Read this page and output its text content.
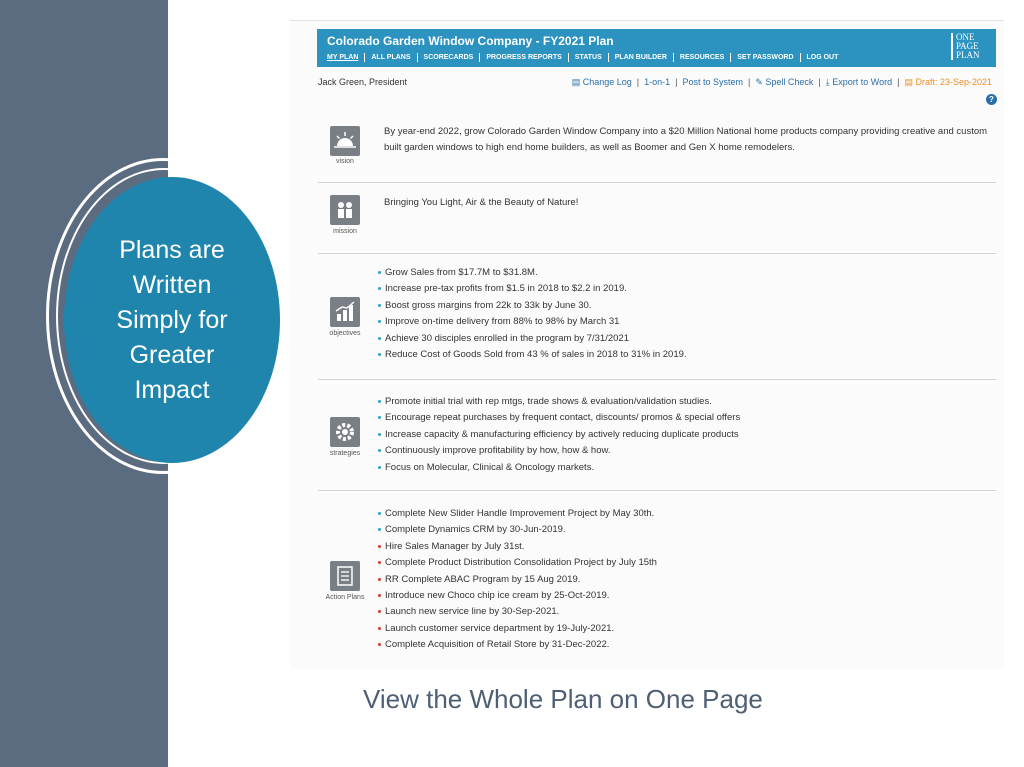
Plans are
Written
Simply for
Greater
Impact
Colorado Garden Window Company - FY2021 Plan
MY PLAN	ALL PLANS	SCORECARDS	PROGRESS REPORTS	STATUS	PLAN BUILDER	RESOURCES	SET PASSWORD	LOG OUT
ONE
PAGE
PLAN
Jack Green, President	▤ Change Log | 1-on-1 | Post to System | ✎ Spell Check | ⤓ Export to Word | ▤ Draft: 23-Sep-2021
?
vision
By year-end 2022, grow Colorado Garden Window Company into a $20 Million National home products company providing creative and custom built garden windows to high end home builders, as well as Boomer and Gen X home remodelers.
mission
Bringing You Light, Air & the Beauty of Nature!
objectives
Grow Sales from $17.7M to $31.8M.
Increase pre-tax profits from $1.5 in 2018 to $2.2 in 2019.
Boost gross margins from 22k to 33k by June 30.
Improve on-time delivery from 88% to 98% by March 31
Achieve 30 disciples enrolled in the program by 7/31/2021
Reduce Cost of Goods Sold from 43 % of sales in 2018 to 31% in 2019.
strategies
Promote initial trial with rep mtgs, trade shows & evaluation/validation studies.
Encourage repeat purchases by frequent contact, discounts/ promos & special offers
Increase capacity & manufacturing efficiency by actively reducing duplicate products
Continuously improve profitability by how, how & how.
Focus on Molecular, Clinical & Oncology markets.
Action Plans
Complete New Slider Handle Improvement Project by May 30th.
Complete Dynamics CRM by 30-Jun-2019.
Hire Sales Manager by July 31st.
Complete Product Distribution Consolidation Project by July 15th
RR Complete ABAC Program by 15 Aug 2019.
Introduce new Choco chip ice cream by 25-Oct-2019.
Launch new service line by 30-Sep-2021.
Launch customer service department by 19-July-2021.
Complete Acquisition of Retail Store by 31-Dec-2022.
View the Whole Plan on One Page
